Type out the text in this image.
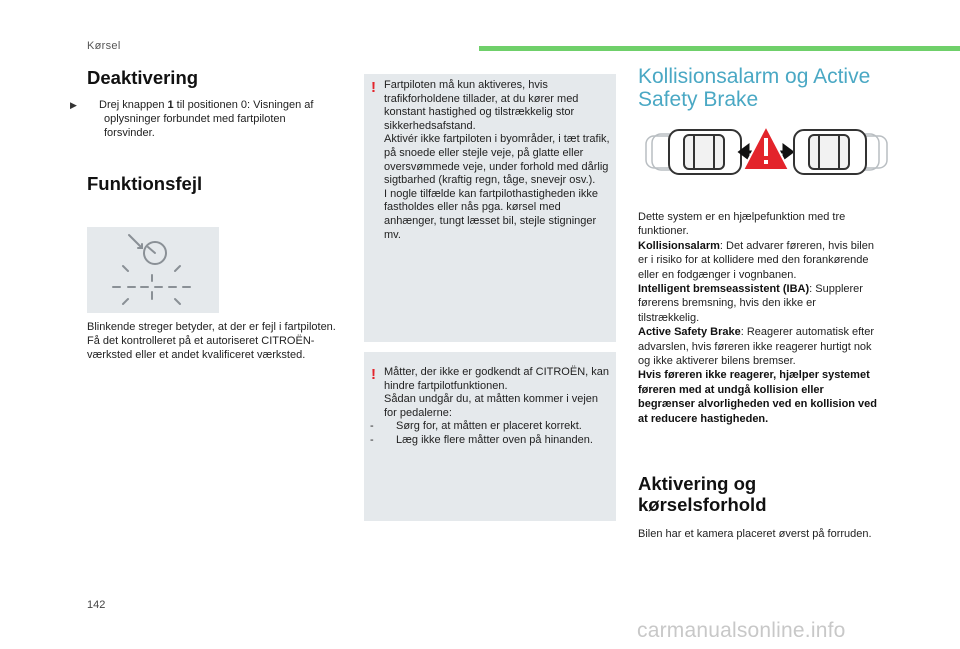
Kørsel
Deaktivering

▶ Drej knappen 1 til positionen 0: Visningen af oplysninger forbundet med fartpiloten forsvinder.

Funktionsfejl

Blinkende streger betyder, at der er fejl i fartpiloten.
Få det kontrolleret på et autoriseret CITROËN-værksted eller et andet kvalificeret værksted.

! Fartpiloten må kun aktiveres, hvis trafikforholdene tillader, at du kører med konstant hastighed og tilstrækkelig stor sikkerhedsafstand.
Aktivér ikke fartpiloten i byområder, i tæt trafik, på snoede eller stejle veje, på glatte eller oversvømmede veje, under forhold med dårlig sigtbarhed (kraftig regn, tåge, snevejr osv.).
I nogle tilfælde kan fartpilothastigheden ikke fastholdes eller nås pga. kørsel med anhænger, tungt læsset bil, stejle stigninger mv.
! Måtter, der ikke er godkendt af CITROËN, kan hindre fartpilotfunktionen.
Sådan undgår du, at måtten kommer i vejen for pedalerne:
- Sørg for, at måtten er placeret korrekt.
- Læg ikke flere måtter oven på hinanden.
Kollisionsalarm og Active Safety Brake
Dette system er en hjælpefunktion med tre funktioner.
Kollisionsalarm: Det advarer føreren, hvis bilen er i risiko for at kollidere med den forankørende eller en fodgænger i vognbanen.
Intelligent bremseassistent (IBA): Supplerer førerens bremsning, hvis den ikke er tilstrækkelig.
Active Safety Brake: Reagerer automatisk efter advarslen, hvis føreren ikke reagerer hurtigt nok og ikke aktiverer bilens bremser.
Hvis føreren ikke reagerer, hjælper systemet føreren med at undgå kollision eller begrænser alvorligheden ved en kollision ved at reducere hastigheden.
Aktivering og kørselsforhold

Bilen har et kamera placeret øverst på forruden.

142
carmanualsonline.info
